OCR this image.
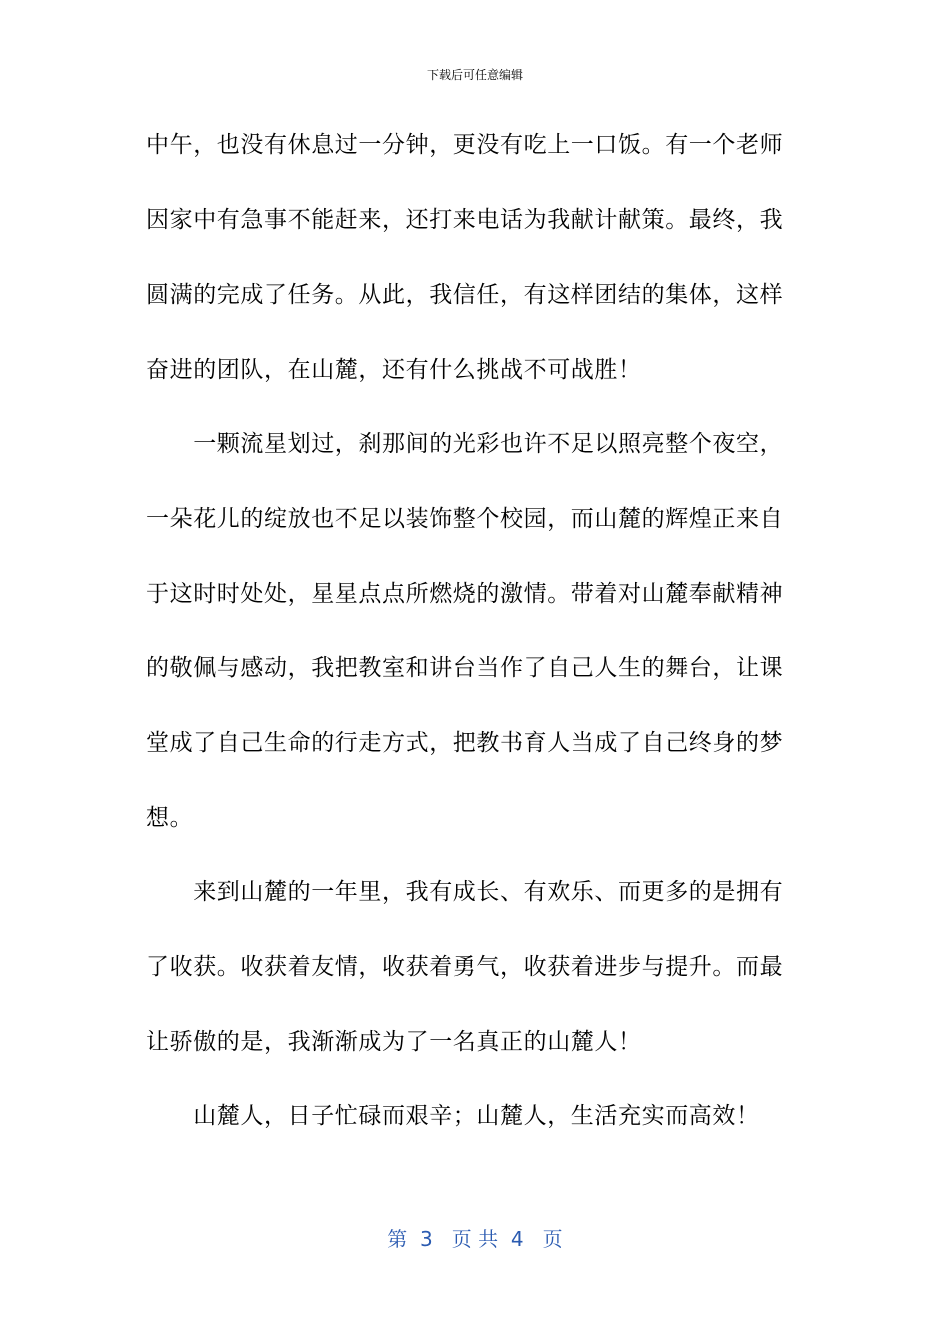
下载后可任意编辑
中午，也没有休息过一分钟，更没有吃上一口饭。有一个老师
因家中有急事不能赶来，还打来电话为我献计献策。最终，我
圆满的完成了任务。从此，我信任，有这样团结的集体，这样
奋进的团队，在山麓，还有什么挑战不可战胜！
　　一颗流星划过，刹那间的光彩也许不足以照亮整个夜空，
一朵花儿的绽放也不足以装饰整个校园，而山麓的辉煌正来自
于这时时处处，星星点点所燃烧的激情。带着对山麓奉献精神
的敬佩与感动，我把教室和讲台当作了自己人生的舞台，让课
堂成了自己生命的行走方式，把教书育人当成了自己终身的梦
想。
　　来到山麓的一年里，我有成长、有欢乐、而更多的是拥有
了收获。收获着友情，收获着勇气，收获着进步与提升。而最
让骄傲的是，我渐渐成为了一名真正的山麓人！
　　山麓人，日子忙碌而艰辛；山麓人，生活充实而高效！
第  3   页 共  4   页
